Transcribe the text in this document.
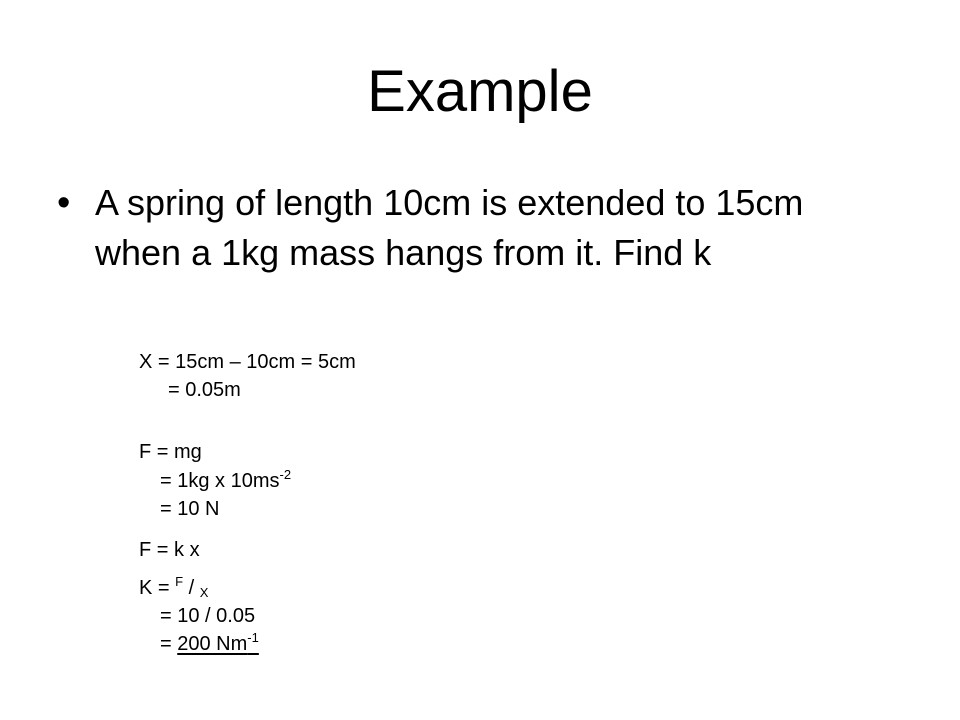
Example
• A spring of length 10cm is extended to 15cm when a 1kg mass hangs from it. Find k
X = 15cm – 10cm = 5cm
= 0.05m
F = mg
= 1kg x $10ms^{-2}$
= 10 N
F = k x
K = $^F$ / $_X$
= 10 / 0.05
= 200 $Nm^{-1}$
